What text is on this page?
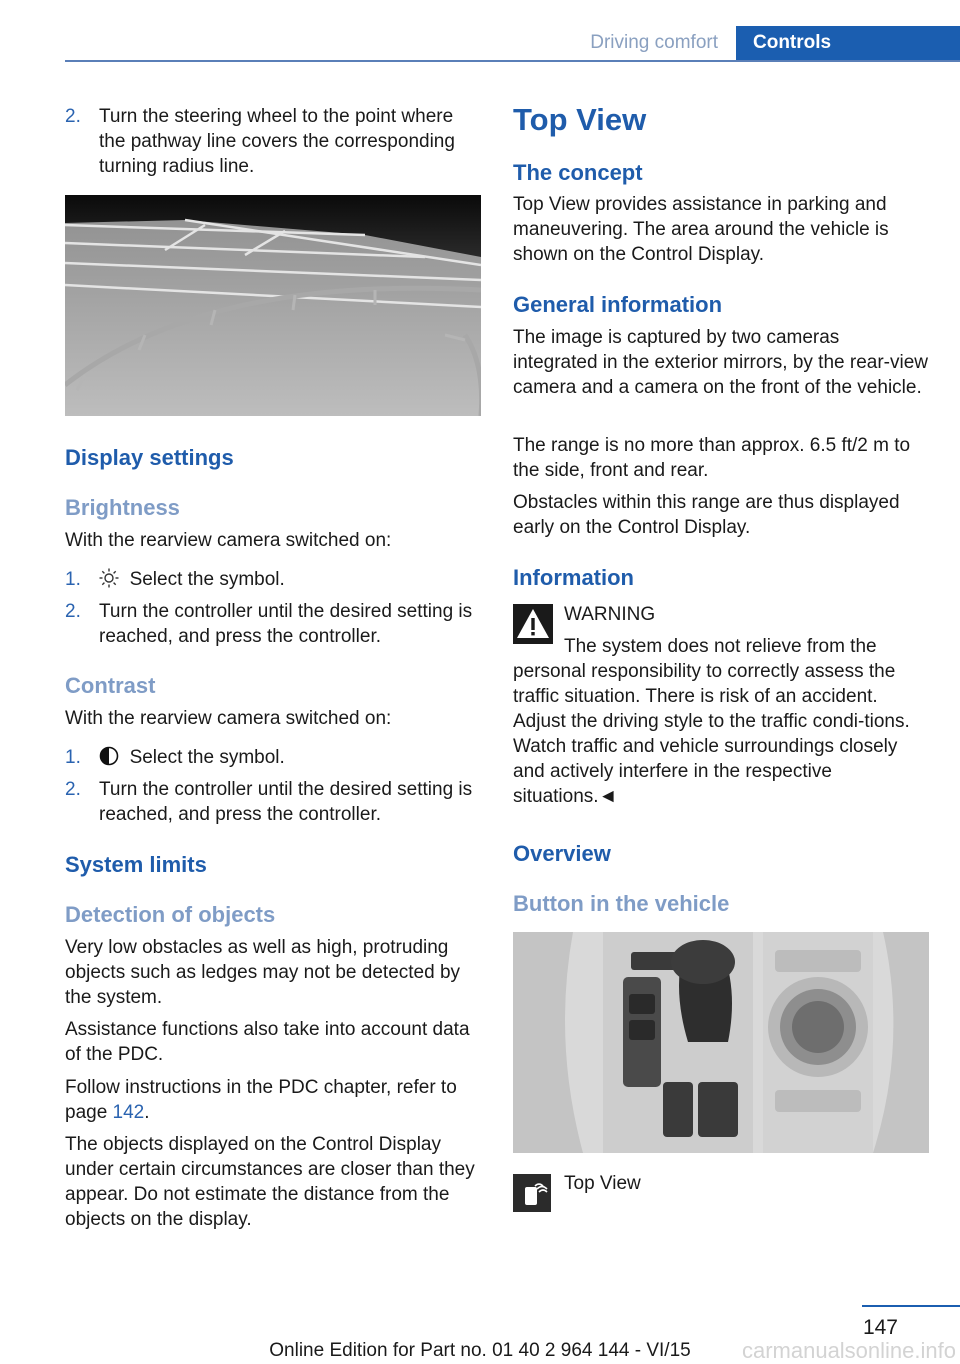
Driving comfort	Controls
2. Turn the steering wheel to the point where the pathway line covers the corresponding turning radius line.
Display settings
Brightness

With the rearview camera switched on:

1.	Select the symbol.
2. Turn the controller until the desired setting is reached, and press the controller.
Contrast

With the rearview camera switched on:

1.	Select the symbol.
2. Turn the controller until the desired setting is reached, and press the controller.
System limits
Detection of objects

Very low obstacles as well as high, protruding objects such as ledges may not be detected by the system.

Assistance functions also take into account data of the PDC.

Follow instructions in the PDC chapter, refer to page 142.

The objects displayed on the Control Display under certain circumstances are closer than they appear. Do not estimate the distance from the objects on the display.

Top View
The concept

Top View provides assistance in parking and maneuvering. The area around the vehicle is shown on the Control Display.

General information

The image is captured by two cameras integrated in the exterior mirrors, by the rear-view camera and a camera on the front of the vehicle.

The range is no more than approx. 6.5 ft/2 m to the side, front and rear.

Obstacles within this range are thus displayed early on the Control Display.

Information

WARNING

The system does not relieve from the personal responsibility to correctly assess the traffic situation. There is risk of an accident. Adjust the driving style to the traffic condi-tions. Watch traffic and vehicle surroundings closely and actively interfere in the respective situations.◄

Overview
Button in the vehicle

Top View

147
Online Edition for Part no. 01 40 2 964 144 - VI/15	carmanualsonline.info
